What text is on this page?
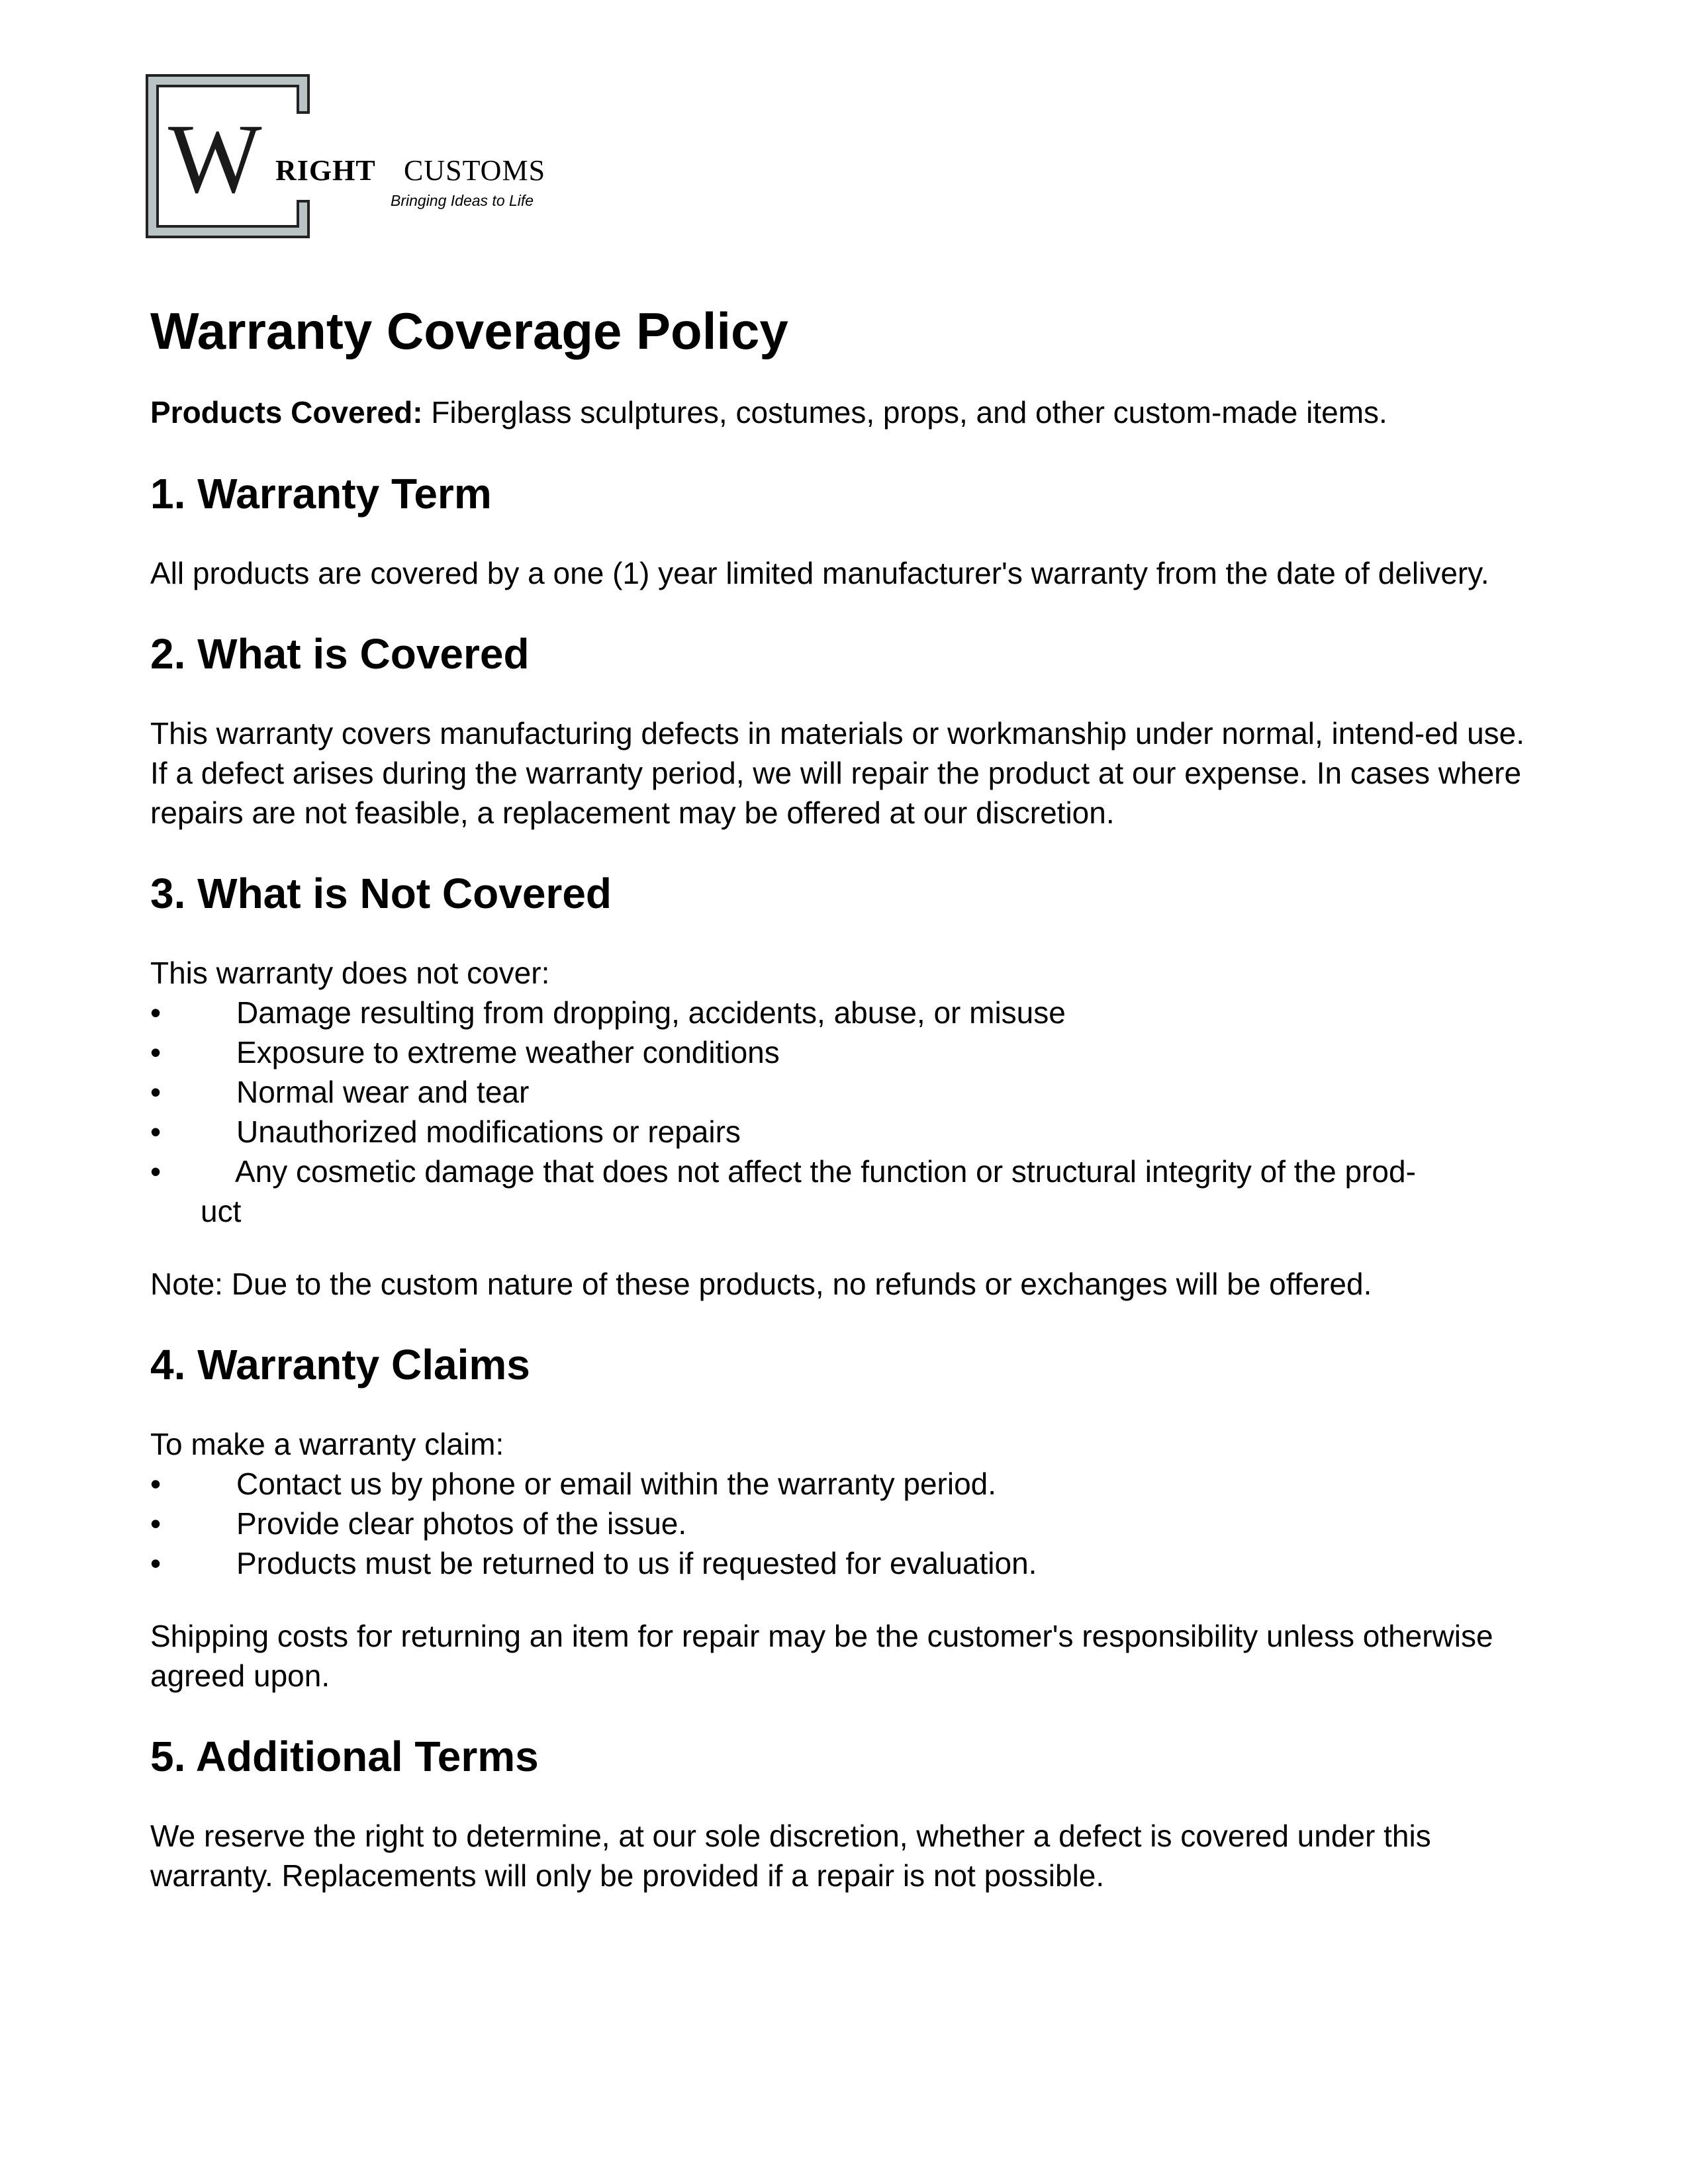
W RIGHT CUSTOMS
Bringing Ideas to Life
Warranty Coverage Policy
Products Covered: Fiberglass sculptures, costumes, props, and other custom-made items.
1. Warranty Term

All products are covered by a one (1) year limited manufacturer's warranty from the date of delivery.

2. What is Covered

This warranty covers manufacturing defects in materials or workmanship under normal, intend-ed use. If a defect arises during the warranty period, we will repair the product at our expense. In cases where repairs are not feasible, a replacement may be offered at our discretion.

3. What is Not Covered

This warranty does not cover:

• Damage resulting from dropping, accidents, abuse, or misuse
• Exposure to extreme weather conditions
• Normal wear and tear
• Unauthorized modifications or repairs
• Any cosmetic damage that does not affect the function or structural integrity of the prod-
uct

Note: Due to the custom nature of these products, no refunds or exchanges will be offered.

4. Warranty Claims

To make a warranty claim:

• Contact us by phone or email within the warranty period.
• Provide clear photos of the issue.
• Products must be returned to us if requested for evaluation.

Shipping costs for returning an item for repair may be the customer's responsibility unless otherwise agreed upon.

5. Additional Terms

We reserve the right to determine, at our sole discretion, whether a defect is covered under this warranty. Replacements will only be provided if a repair is not possible.
